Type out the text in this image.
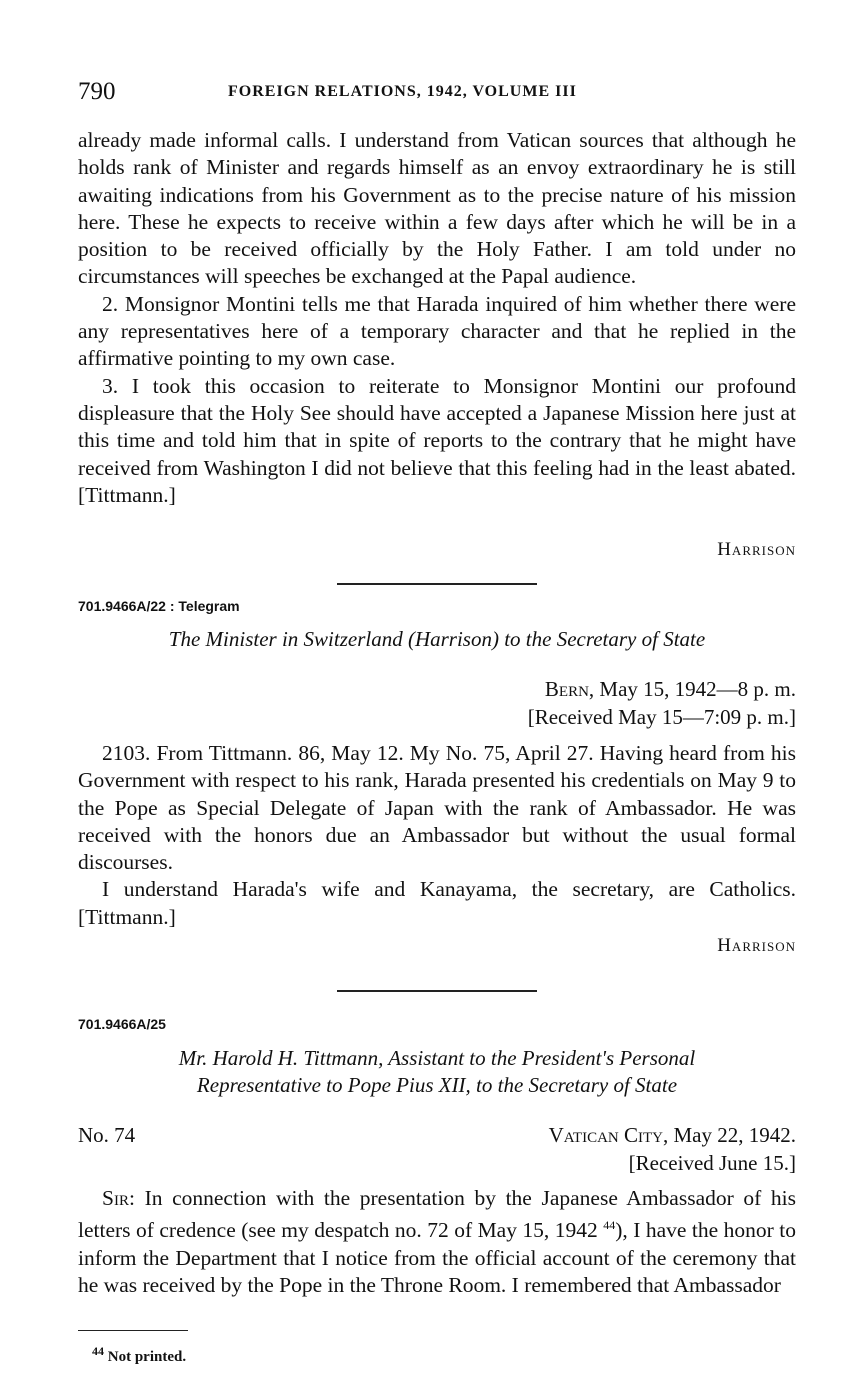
790	FOREIGN RELATIONS, 1942, VOLUME III

already made informal calls. I understand from Vatican sources that although he holds rank of Minister and regards himself as an envoy extraordinary he is still awaiting indications from his Government as to the precise nature of his mission here. These he expects to receive within a few days after which he will be in a position to be received officially by the Holy Father. I am told under no circumstances will speeches be exchanged at the Papal audience.

2. Monsignor Montini tells me that Harada inquired of him whether there were any representatives here of a temporary character and that he replied in the affirmative pointing to my own case.

3. I took this occasion to reiterate to Monsignor Montini our profound displeasure that the Holy See should have accepted a Japanese Mission here just at this time and told him that in spite of reports to the contrary that he might have received from Washington I did not believe that this feeling had in the least abated. [Tittmann.]

Harrison
701.9466A/22 : Telegram
The Minister in Switzerland (Harrison) to the Secretary of State
Bern, May 15, 1942—8 p. m.
[Received May 15—7:09 p. m.]

2103. From Tittmann. 86, May 12. My No. 75, April 27. Having heard from his Government with respect to his rank, Harada presented his credentials on May 9 to the Pope as Special Delegate of Japan with the rank of Ambassador. He was received with the honors due an Ambassador but without the usual formal discourses.

I understand Harada's wife and Kanayama, the secretary, are Catholics. [Tittmann.]

Harrison
701.9466A/25
Mr. Harold H. Tittmann, Assistant to the President's Personal
Representative to Pope Pius XII, to the Secretary of State
No. 74	Vatican City, May 22, 1942.
[Received June 15.]

Sir: In connection with the presentation by the Japanese Ambassador of his letters of credence (see my despatch no. 72 of May 15, 1942 $^{44}$), I have the honor to inform the Department that I notice from the official account of the ceremony that he was received by the Pope in the Throne Room. I remembered that Ambassador

$^{44}$ Not printed.
